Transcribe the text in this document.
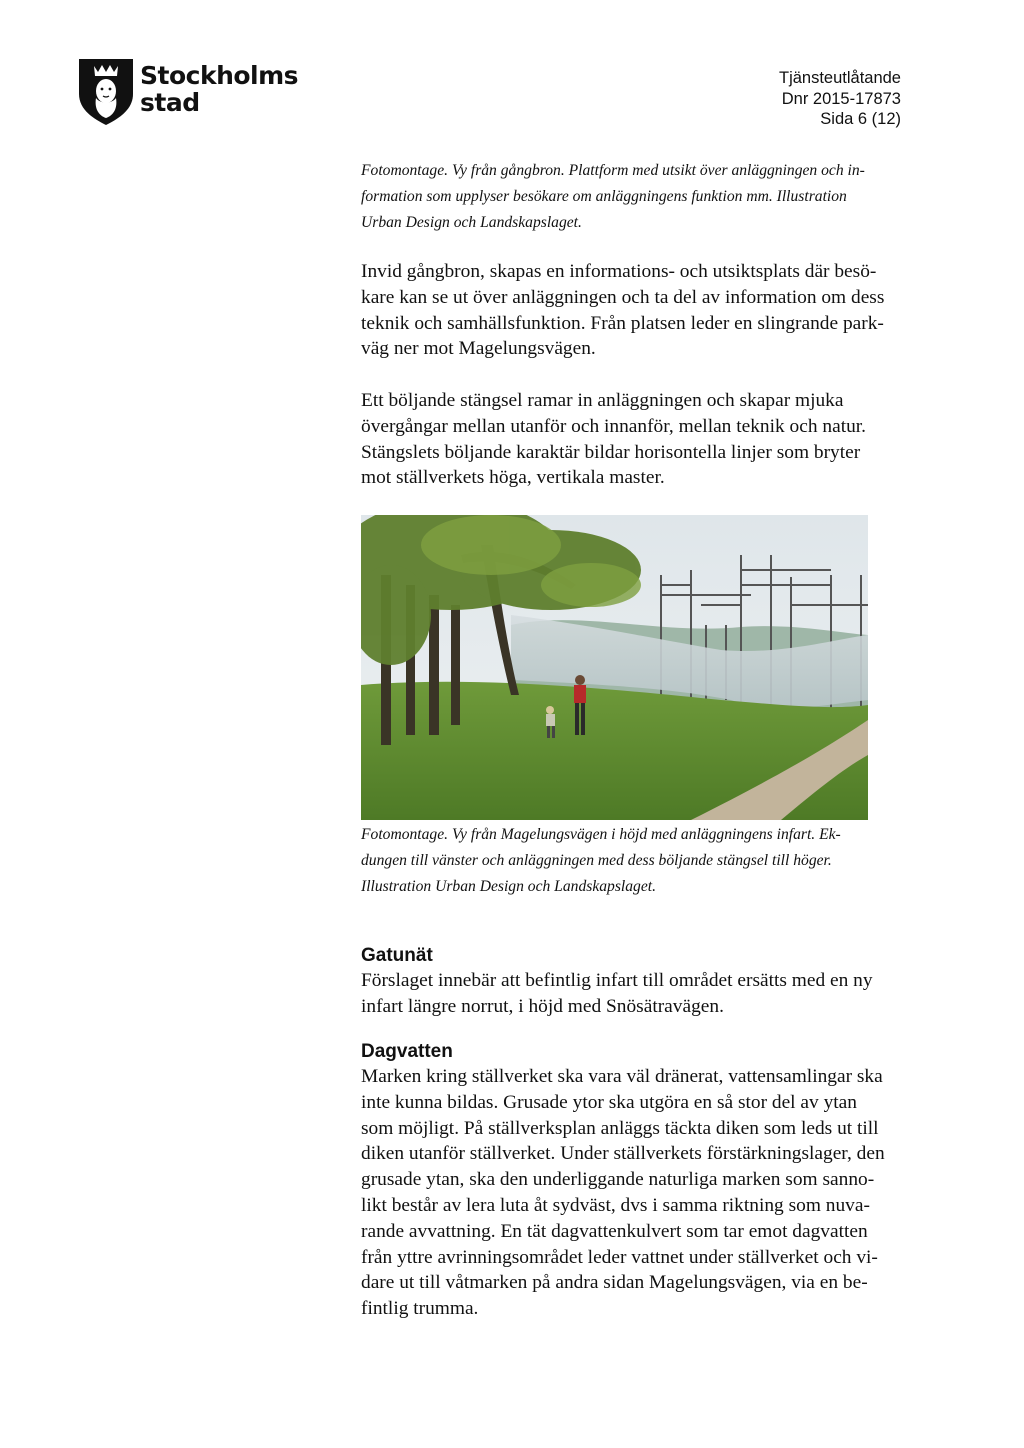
Stockholms
stad
Tjänsteutlåtande
Dnr 2015-17873
Sida 6 (12)

Fotomontage. Vy från gångbron. Plattform med utsikt över anläggningen och in-

formation som upplyser besökare om anläggningens funktion mm. Illustration

Urban Design och Landskapslaget.

Invid gångbron, skapas en informations- och utsiktsplats där besö-

kare kan se ut över anläggningen och ta del av information om dess

teknik och samhällsfunktion. Från platsen leder en slingrande park-

väg ner mot Magelungsvägen.

Ett böljande stängsel ramar in anläggningen och skapar mjuka

övergångar mellan utanför och innanför, mellan teknik och natur.

Stängslets böljande karaktär bildar horisontella linjer som bryter

mot ställverkets höga, vertikala master.

Fotomontage. Vy från Magelungsvägen i höjd med anläggningens infart. Ek-

dungen till vänster och anläggningen med dess böljande stängsel till höger.

Illustration Urban Design och Landskapslaget.

Gatunät

Förslaget innebär att befintlig infart till området ersätts med en ny

infart längre norrut, i höjd med Snösätravägen.

Dagvatten

Marken kring ställverket ska vara väl dränerat, vattensamlingar ska

inte kunna bildas. Grusade ytor ska utgöra en så stor del av ytan

som möjligt. På ställverksplan anläggs täckta diken som leds ut till

diken utanför ställverket. Under ställverkets förstärkningslager, den

grusade ytan, ska den underliggande naturliga marken som sanno-

likt består av lera luta åt sydväst, dvs i samma riktning som nuva-

rande avvattning. En tät dagvattenkulvert som tar emot dagvatten

från yttre avrinningsområdet leder vattnet under ställverket och vi-

dare ut till våtmarken på andra sidan Magelungsvägen, via en be-

fintlig trumma.
